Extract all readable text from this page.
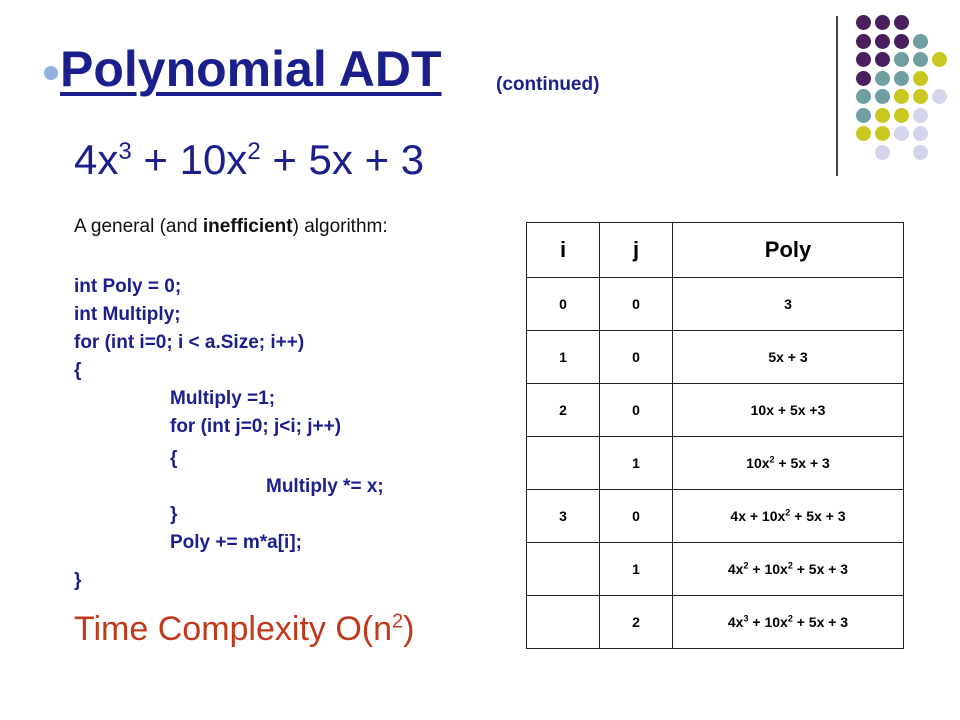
Polynomial ADT	(continued)
$4x^3 + 10x^2 + 5x + 3$
A general (and inefficient) algorithm:
int Poly = 0;
int Multiply;
for (int i=0; i < a.Size; i++)
{
Multiply =1;
for (int j=0; j<i; j++)
{
Multiply *= x;
}
Poly += m*a[i];
}
Time Complexity $O(n^2)$
i	j	Poly
0	0	3
1	0	5x + 3
2	0	10x + 5x +3
	1	$10x^2 + 5x + 3$
3	0	$4x + 10x^2 + 5x + 3$
	1	$4x^2 + 10x^2 + 5x + 3$
	2	$4x^3 + 10x^2 + 5x + 3$
